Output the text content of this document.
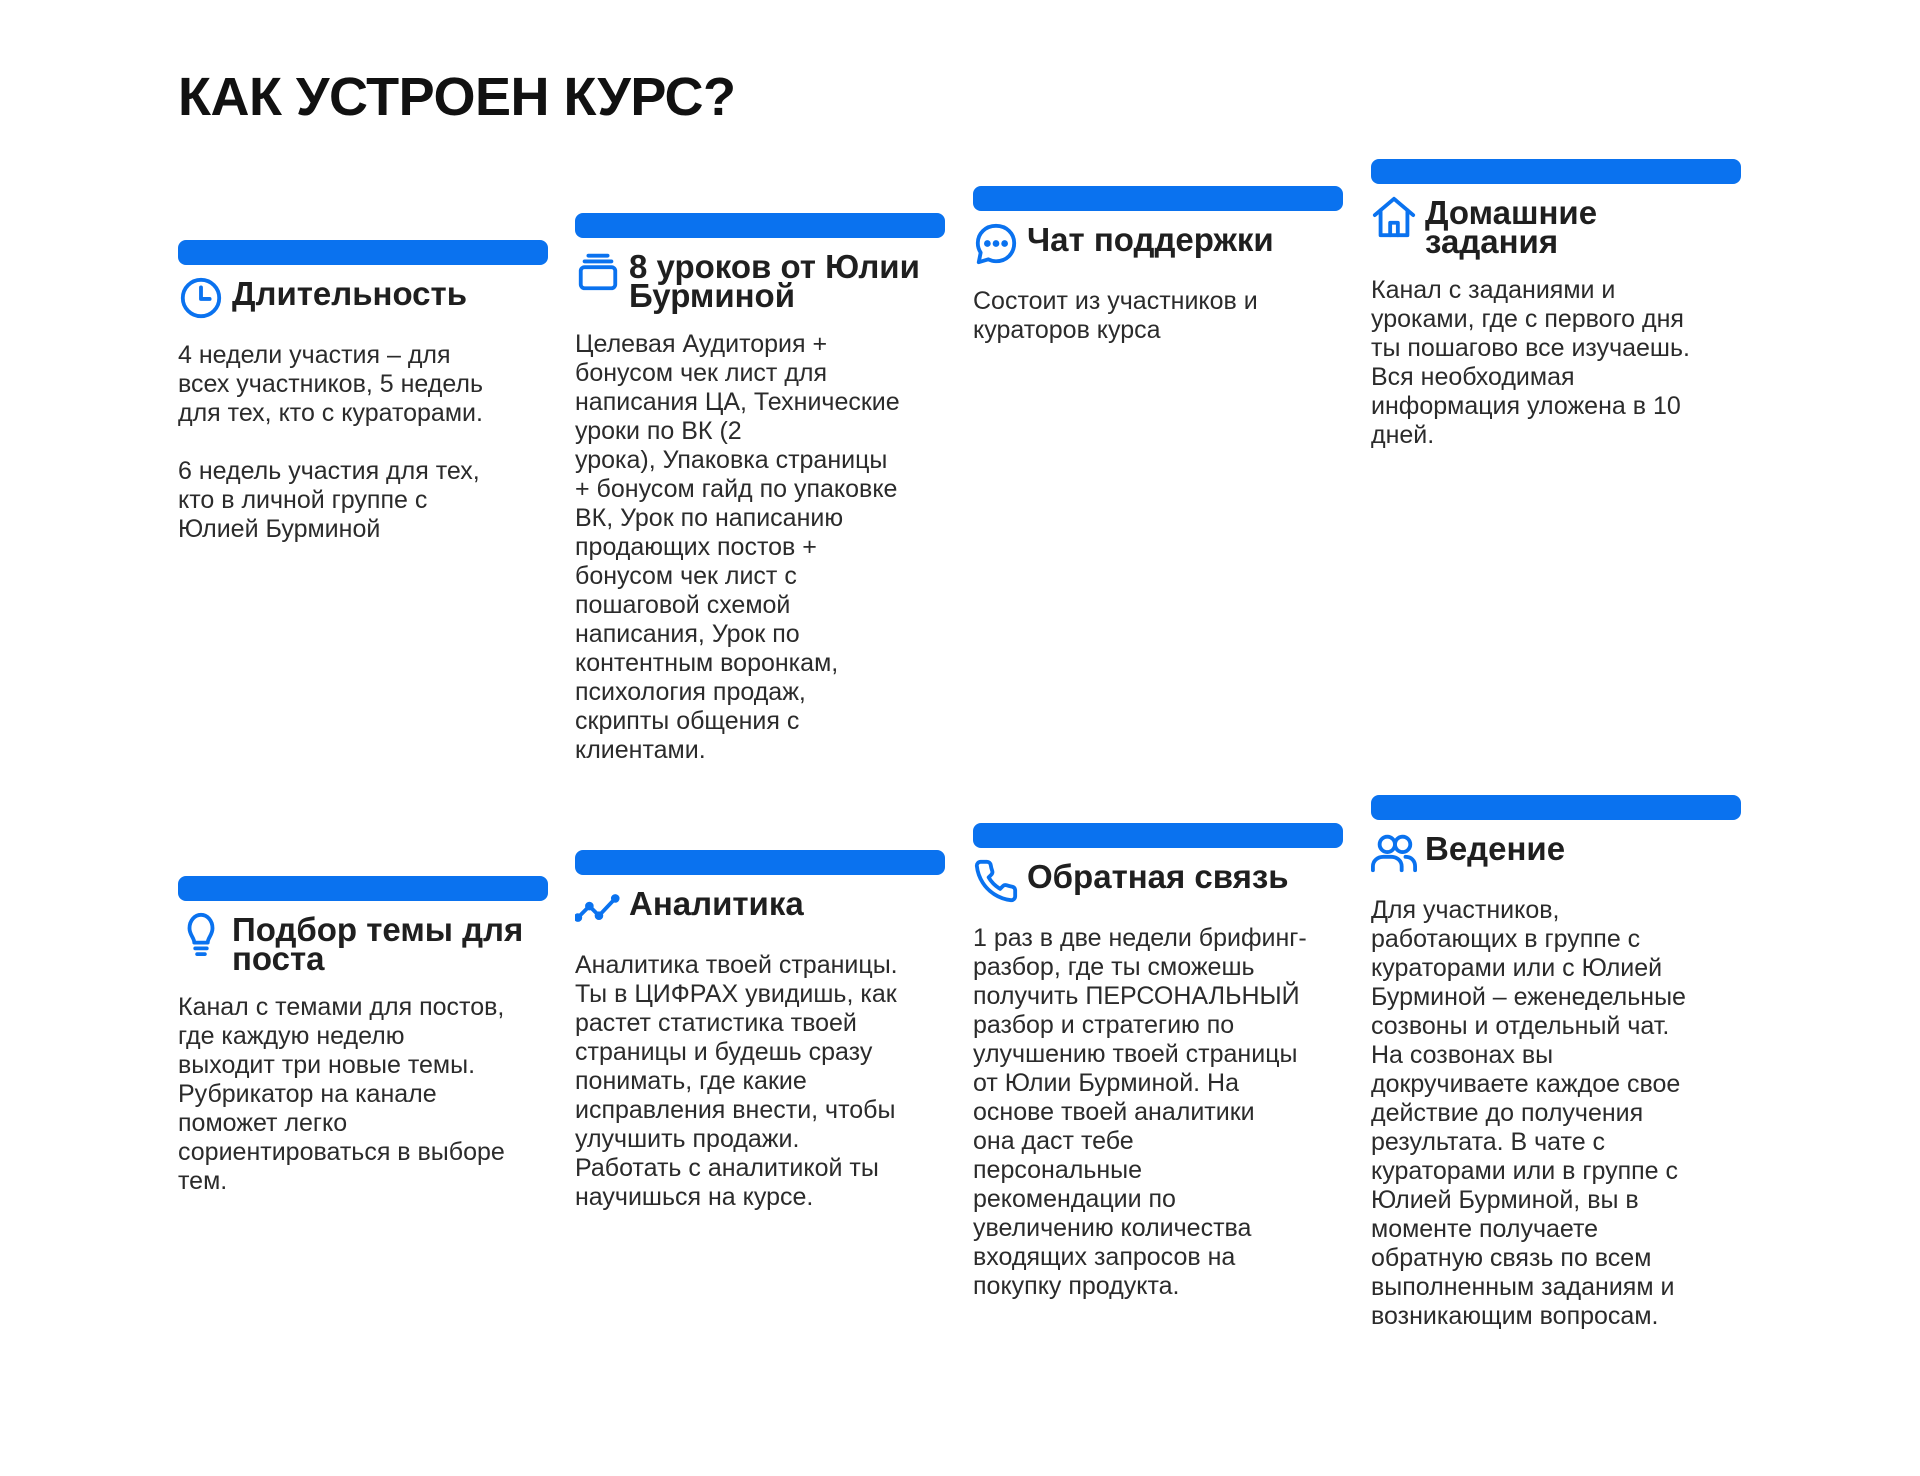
КАК УСТРОЕН КУРС?
Длительность
4 недели участия – для
всех участников, 5 недель
для тех, кто с кураторами.

6 недель участия для тех,
кто в личной группе с
Юлией Бурминой
8 уроков от Юлии
Бурминой
Целевая Аудитория +
бонусом чек лист для
написания ЦА, Технические
уроки по ВК (2
урока), Упаковка страницы
+ бонусом гайд по упаковке
ВК, Урок по написанию
продающих постов +
бонусом чек лист с
пошаговой схемой
написания, Урок по
контентным воронкам,
психология продаж,
скрипты общения с
клиентами.
Чат поддержки
Состоит из участников и
кураторов курса
Домашние
задания
Канал с заданиями и
уроками, где с первого дня
ты пошагово все изучаешь.
Вся необходимая
информация уложена в 10
дней.
Подбор темы для
поста
Канал с темами для постов,
где каждую неделю
выходит три новые темы.
Рубрикатор на канале
поможет легко
сориентироваться в выборе
тем.
Аналитика
Аналитика твоей страницы.
Ты в ЦИФРАХ увидишь, как
растет статистика твоей
страницы и будешь сразу
понимать, где какие
исправления внести, чтобы
улучшить продажи.
Работать с аналитикой ты
научишься на курсе.
Обратная связь
1 раз в две недели брифинг-
разбор, где ты сможешь
получить ПЕРСОНАЛЬНЫЙ
разбор и стратегию по
улучшению твоей страницы
от Юлии Бурминой. На
основе твоей аналитики
она даст тебе
персональные
рекомендации по
увеличению количества
входящих запросов на
покупку продукта.
Ведение
Для участников,
работающих в группе с
кураторами или с Юлией
Бурминой – еженедельные
созвоны и отдельный чат.
На созвонах вы
докручиваете каждое свое
действие до получения
результата. В чате с
кураторами или в группе с
Юлией Бурминой, вы в
моменте получаете
обратную связь по всем
выполненным заданиям и
возникающим вопросам.
